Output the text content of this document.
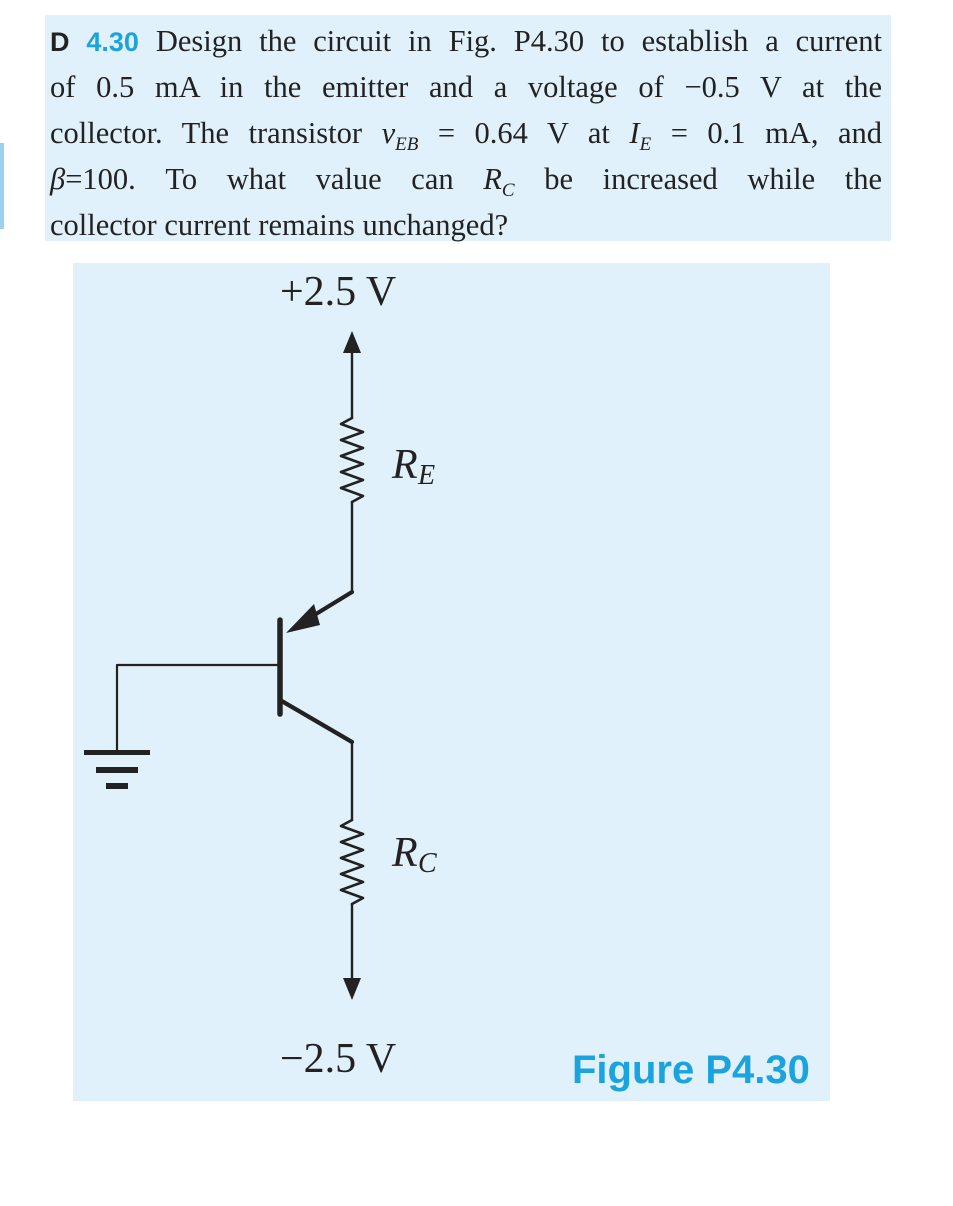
D 4.30 Design the circuit in Fig. P4.30 to establish a current
of 0.5 mA in the emitter and a voltage of −0.5 V at the
collector. The transistor $v_{EB} = 0.64$ V at $I_E = 0.1$ mA, and
β=100. To what value can $R_C$ be increased while the
collector current remains unchanged?
+2.5 V
−2.5 V
R E
R C
Figure P4.30
